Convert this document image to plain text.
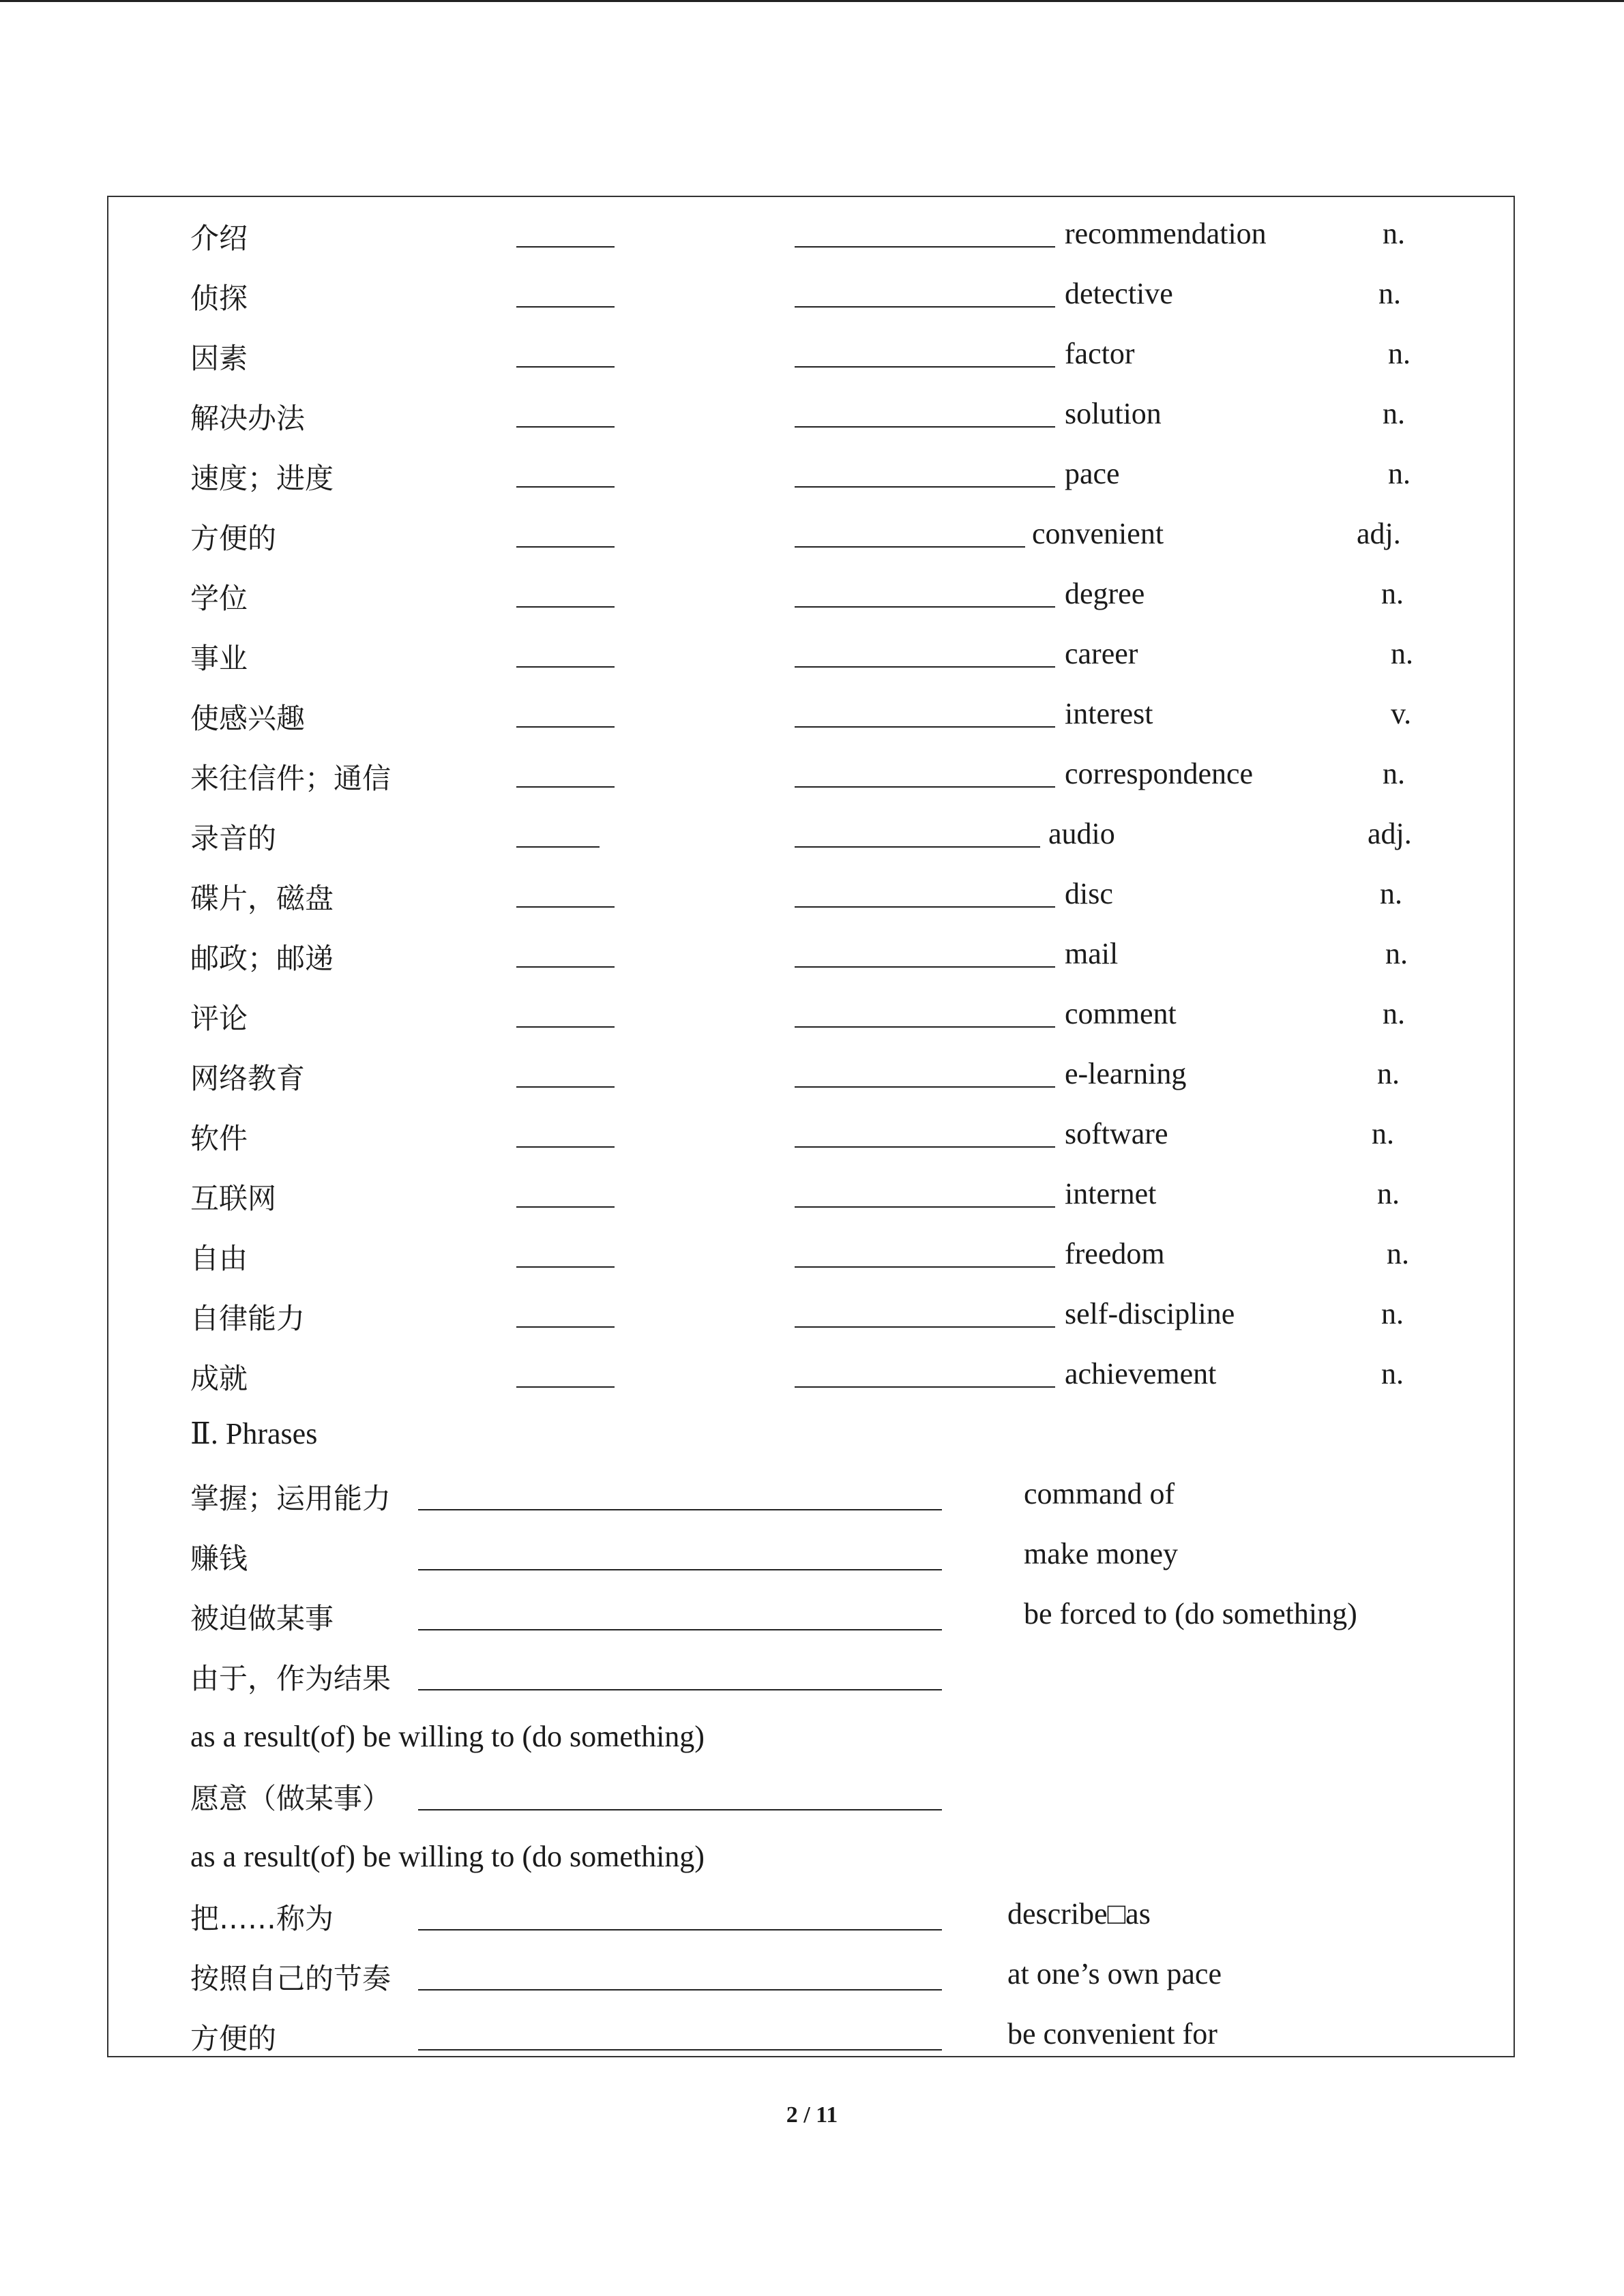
介绍	recommendation	n.
侦探	detective	n.
因素	factor	n.
解决办法	solution	n.
速度；进度	pace	n.
方便的	convenient	adj.
学位	degree	n.
事业	career	n.
使感兴趣	interest	v.
来往信件；通信	correspondence	n.
录音的	audio	adj.
碟片，磁盘	disc	n.
邮政；邮递	mail	n.
评论	comment	n.
网络教育	e-learning	n.
软件	software	n.
互联网	internet	n.
自由	freedom	n.
自律能力	self-discipline	n.
成就	achievement	n.
Ⅱ. Phrases
掌握；运用能力	command of
赚钱	make money
被迫做某事	be forced to (do something)
由于，作为结果
as a result(of) be willing to (do something)
愿意（做某事）
as a result(of) be willing to (do something)
把……称为	describe□as
按照自己的节奏	at one’s own pace
方便的	be convenient for
2 / 11
